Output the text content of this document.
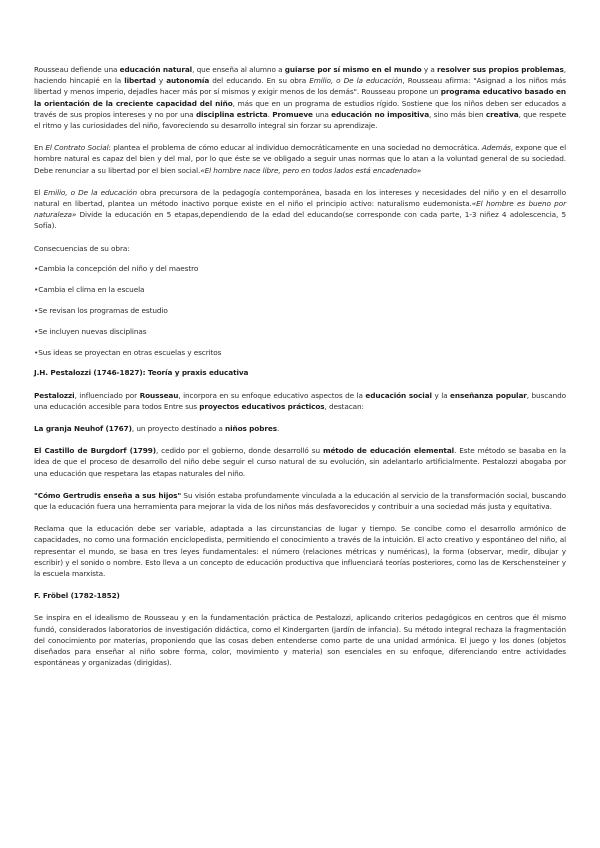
Rousseau defiende una educación natural, que enseña al alumno a guiarse por sí mismo en el mundo y a resolver sus propios problemas, haciendo hincapié en la libertad y autonomía del educando. En su obra Emilio, o De la educación, Rousseau afirma: "Asignad a los niños más libertad y menos imperio, dejadles hacer más por sí mismos y exigir menos de los demás". Rousseau propone un programa educativo basado en la orientación de la creciente capacidad del niño, más que en un programa de estudios rígido. Sostiene que los niños deben ser educados a través de sus propios intereses y no por una disciplina estricta. Promueve una educación no impositiva, sino más bien creativa, que respete el ritmo y las curiosidades del niño, favoreciendo su desarrollo integral sin forzar su aprendizaje.

En El Contrato Social: plantea el problema de cómo educar al individuo democráticamente en una sociedad no democrática. Además, expone que el hombre natural es capaz del bien y del mal, por lo que éste se ve obligado a seguir unas normas que lo atan a la voluntad general de su sociedad. Debe renunciar a su libertad por el bien social.«El hombre nace libre, pero en todos lados está encadenado»

El Emilio, o De la educación obra precursora de la pedagogía contemporánea, basada en los intereses y necesidades del niño y en el desarrollo natural en libertad, plantea un método inactivo porque existe en el niño el principio activo: naturalismo eudemonista.«El hombre es bueno por naturaleza» Divide la educación en 5 etapas,dependiendo de la edad del educando(se corresponde con cada parte, 1-3 niñez 4 adolescencia, 5 Sofía).

Consecuencias de su obra:

•Cambia la concepción del niño y del maestro

•Cambia el clima en la escuela

•Se revisan los programas de estudio

•Se incluyen nuevas disciplinas

•Sus ideas se proyectan en otras escuelas y escritos

J.H. Pestalozzi (1746-1827): Teoría y praxis educativa

Pestalozzi, influenciado por Rousseau, incorpora en su enfoque educativo aspectos de la educación social y la enseñanza popular, buscando una educación accesible para todos Entre sus proyectos educativos prácticos, destacan:

La granja Neuhof (1767), un proyecto destinado a niños pobres.

El Castillo de Burgdorf (1799), cedido por el gobierno, donde desarrolló su método de educación elemental. Este método se basaba en la idea de que el proceso de desarrollo del niño debe seguir el curso natural de su evolución, sin adelantarlo artificialmente. Pestalozzi abogaba por una educación que respetara las etapas naturales del niño.

"Cómo Gertrudis enseña a sus hijos" Su visión estaba profundamente vinculada a la educación al servicio de la transformación social, buscando que la educación fuera una herramienta para mejorar la vida de los niños más desfavorecidos y contribuir a una sociedad más justa y equitativa.

Reclama que la educación debe ser variable, adaptada a las circunstancias de lugar y tiempo. Se concibe como el desarrollo armónico de capacidades, no como una formación enciclopedista, permitiendo el conocimiento a través de la intuición. El acto creativo y espontáneo del niño, al representar el mundo, se basa en tres leyes fundamentales: el número (relaciones métricas y numéricas), la forma (observar, medir, dibujar y escribir) y el sonido o nombre. Esto lleva a un concepto de educación productiva que influenciará teorías posteriores, como las de Kerschensteiner y la escuela marxista.

F. Fröbel (1782-1852)

Se inspira en el idealismo de Rousseau y en la fundamentación práctica de Pestalozzi, aplicando criterios pedagógicos en centros que él mismo fundó, considerados laboratorios de investigación didáctica, como el Kindergarten (jardín de infancia). Su método integral rechaza la fragmentación del conocimiento por materias, proponiendo que las cosas deben entenderse como parte de una unidad armónica. El juego y los dones (objetos diseñados para enseñar al niño sobre forma, color, movimiento y materia) son esenciales en su enfoque, diferenciando entre actividades espontáneas y organizadas (dirigidas).
